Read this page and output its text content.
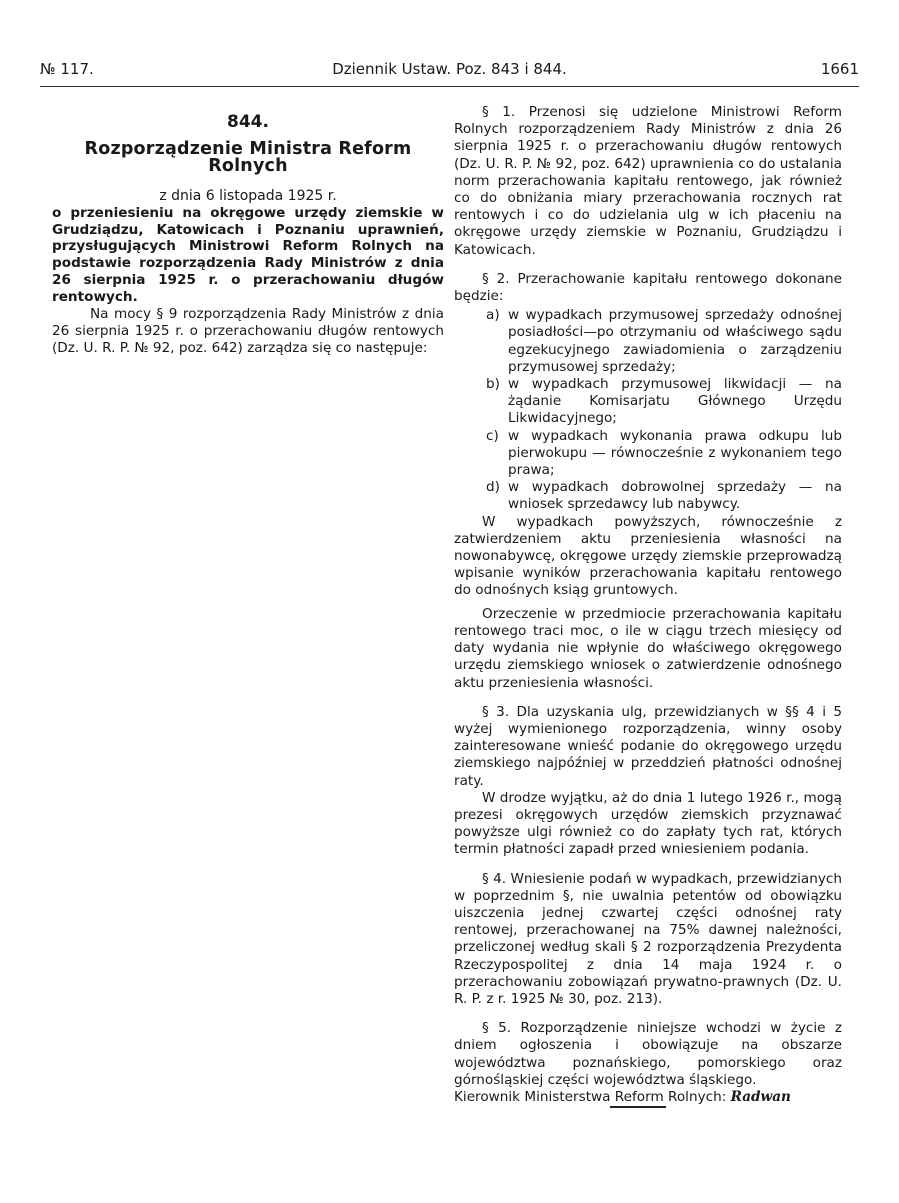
№ 117.	Dziennik Ustaw. Poz. 843 i 844.	1661
844.
Rozporządzenie Ministra Reform Rolnych
z dnia 6 listopada 1925 r.

o przeniesieniu na okręgowe urzędy ziemskie w Grudziądzu, Katowicach i Poznaniu uprawnień, przysługujących Ministrowi Reform Rolnych na podstawie rozporządzenia Rady Ministrów z dnia 26 sierpnia 1925 r. o przerachowaniu długów rentowych.

Na mocy § 9 rozporządzenia Rady Ministrów z dnia 26 sierpnia 1925 r. o przerachowaniu długów rentowych (Dz. U. R. P. № 92, poz. 642) zarządza się co następuje:

§ 1. Przenosi się udzielone Ministrowi Reform Rolnych rozporządzeniem Rady Ministrów z dnia 26 sierpnia 1925 r. o przerachowaniu długów rentowych (Dz. U. R. P. № 92, poz. 642) uprawnienia co do ustalania norm przerachowania kapitału rentowego, jak również co do obniżania miary przerachowania rocznych rat rentowych i co do udzielania ulg w ich płaceniu na okręgowe urzędy ziemskie w Poznaniu, Grudziądzu i Katowicach.

§ 2. Przerachowanie kapitału rentowego dokonane będzie:

a) w wypadkach przymusowej sprzedaży odnośnej posiadłości—po otrzymaniu od właściwego sądu egzekucyjnego zawiadomienia o zarządzeniu przymusowej sprzedaży;
b) w wypadkach przymusowej likwidacji — na żądanie Komisarjatu Głównego Urzędu Likwidacyjnego;
c) w wypadkach wykonania prawa odkupu lub pierwokupu — równocześnie z wykonaniem tego prawa;
d) w wypadkach dobrowolnej sprzedaży — na wniosek sprzedawcy lub nabywcy.

W wypadkach powyższych, równocześnie z zatwierdzeniem aktu przeniesienia własności na nowonabywcę, okręgowe urzędy ziemskie przeprowadzą wpisanie wyników przerachowania kapitału rentowego do odnośnych ksiąg gruntowych.

Orzeczenie w przedmiocie przerachowania kapitału rentowego traci moc, o ile w ciągu trzech miesięcy od daty wydania nie wpłynie do właściwego okręgowego urzędu ziemskiego wniosek o zatwierdzenie odnośnego aktu przeniesienia własności.

§ 3. Dla uzyskania ulg, przewidzianych w §§ 4 i 5 wyżej wymienionego rozporządzenia, winny osoby zainteresowane wnieść podanie do okręgowego urzędu ziemskiego najpóźniej w przeddzień płatności odnośnej raty.

W drodze wyjątku, aż do dnia 1 lutego 1926 r., mogą prezesi okręgowych urzędów ziemskich przyznawać powyższe ulgi również co do zapłaty tych rat, których termin płatności zapadł przed wniesieniem podania.

§ 4. Wniesienie podań w wypadkach, przewidzianych w poprzednim §, nie uwalnia petentów od obowiązku uiszczenia jednej czwartej części odnośnej raty rentowej, przerachowanej na 75% dawnej należności, przeliczonej według skali § 2 rozporządzenia Prezydenta Rzeczypospolitej z dnia 14 maja 1924 r. o przerachowaniu zobowiązań prywatno-prawnych (Dz. U. R. P. z r. 1925 № 30, poz. 213).

§ 5. Rozporządzenie niniejsze wchodzi w życie z dniem ogłoszenia i obowiązuje na obszarze województwa poznańskiego, pomorskiego oraz górnośląskiej części województwa śląskiego.

Kierownik Ministerstwa Reform Rolnych: Radwan
